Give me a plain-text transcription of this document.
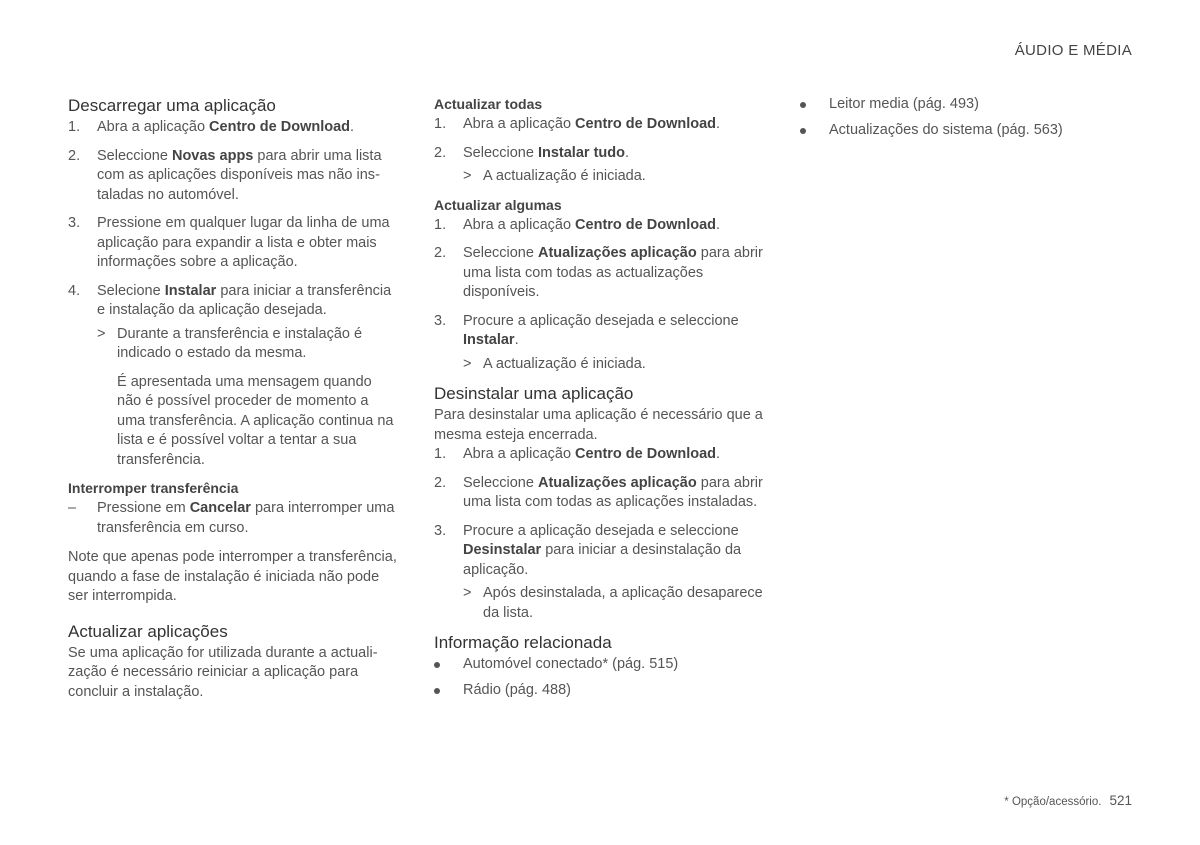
ÁUDIO E MÉDIA
Descarregar uma aplicação
1. Abra a aplicação Centro de Download.
2. Seleccione Novas apps para abrir uma lista com as aplicações disponíveis mas não instaladas no automóvel.
3. Pressione em qualquer lugar da linha de uma aplicação para expandir a lista e obter mais informações sobre a aplicação.
4. Selecione Instalar para iniciar a transferência e instalação da aplicação desejada.
> Durante a transferência e instalação é indicado o estado da mesma.
É apresentada uma mensagem quando não é possível proceder de momento a uma transferência. A aplicação continua na lista e é possível voltar a tentar a sua transferência.
Interromper transferência
– Pressione em Cancelar para interromper uma transferência em curso.

Note que apenas pode interromper a transferência, quando a fase de instalação é iniciada não pode ser interrompida.

Actualizar aplicações

Se uma aplicação for utilizada durante a actualização é necessário reiniciar a aplicação para concluir a instalação.

Actualizar todas
1. Abra a aplicação Centro de Download.
2. Seleccione Instalar tudo.
> A actualização é iniciada.
Actualizar algumas
1. Abra a aplicação Centro de Download.
2. Seleccione Atualizações aplicação para abrir uma lista com todas as actualizações disponíveis.
3. Procure a aplicação desejada e seleccione Instalar.
> A actualização é iniciada.
Desinstalar uma aplicação

Para desinstalar uma aplicação é necessário que a mesma esteja encerrada.

1. Abra a aplicação Centro de Download.
2. Seleccione Atualizações aplicação para abrir uma lista com todas as aplicações instaladas.
3. Procure a aplicação desejada e seleccione Desinstalar para iniciar a desinstalação da aplicação.
> Após desinstalada, a aplicação desaparece da lista.
Informação relacionada
Automóvel conectado* (pág. 515)
Rádio (pág. 488)
Leitor media (pág. 493)
Actualizações do sistema (pág. 563)
* Opção/acessório. 521
